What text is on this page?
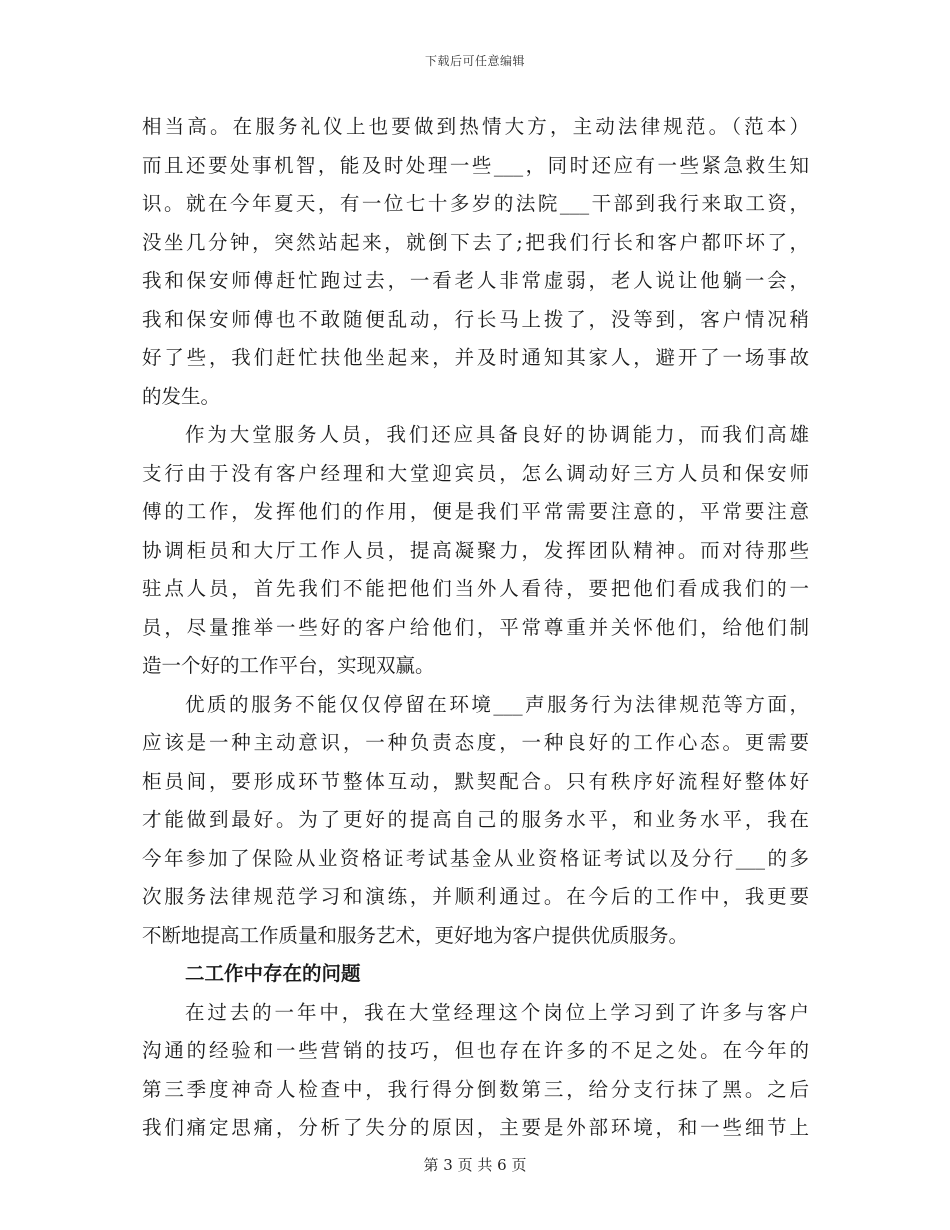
下载后可任意编辑
相当高。在服务礼仪上也要做到热情大方，主动法律规范。（范本）
而且还要处事机智，能及时处理一些___，同时还应有一些紧急救生知
识。就在今年夏天，有一位七十多岁的法院___干部到我行来取工资，
没坐几分钟，突然站起来，就倒下去了;把我们行长和客户都吓坏了，
我和保安师傅赶忙跑过去，一看老人非常虚弱，老人说让他躺一会，
我和保安师傅也不敢随便乱动，行长马上拨了，没等到，客户情况稍
好了些，我们赶忙扶他坐起来，并及时通知其家人，避开了一场事故
的发生。
作为大堂服务人员，我们还应具备良好的协调能力，而我们高雄
支行由于没有客户经理和大堂迎宾员，怎么调动好三方人员和保安师
傅的工作，发挥他们的作用，便是我们平常需要注意的，平常要注意
协调柜员和大厅工作人员，提高凝聚力，发挥团队精神。而对待那些
驻点人员，首先我们不能把他们当外人看待，要把他们看成我们的一
员，尽量推举一些好的客户给他们，平常尊重并关怀他们，给他们制
造一个好的工作平台，实现双赢。
优质的服务不能仅仅停留在环境___声服务行为法律规范等方面，
应该是一种主动意识，一种负责态度，一种良好的工作心态。更需要
柜员间，要形成环节整体互动，默契配合。只有秩序好流程好整体好
才能做到最好。为了更好的提高自己的服务水平，和业务水平，我在
今年参加了保险从业资格证考试基金从业资格证考试以及分行___的多
次服务法律规范学习和演练，并顺利通过。在今后的工作中，我更要
不断地提高工作质量和服务艺术，更好地为客户提供优质服务。
二工作中存在的问题
在过去的一年中，我在大堂经理这个岗位上学习到了许多与客户
沟通的经验和一些营销的技巧，但也存在许多的不足之处。在今年的
第三季度神奇人检查中，我行得分倒数第三，给分支行抹了黑。之后
我们痛定思痛，分析了失分的原因，主要是外部环境，和一些细节上
第 3 页 共 6 页
